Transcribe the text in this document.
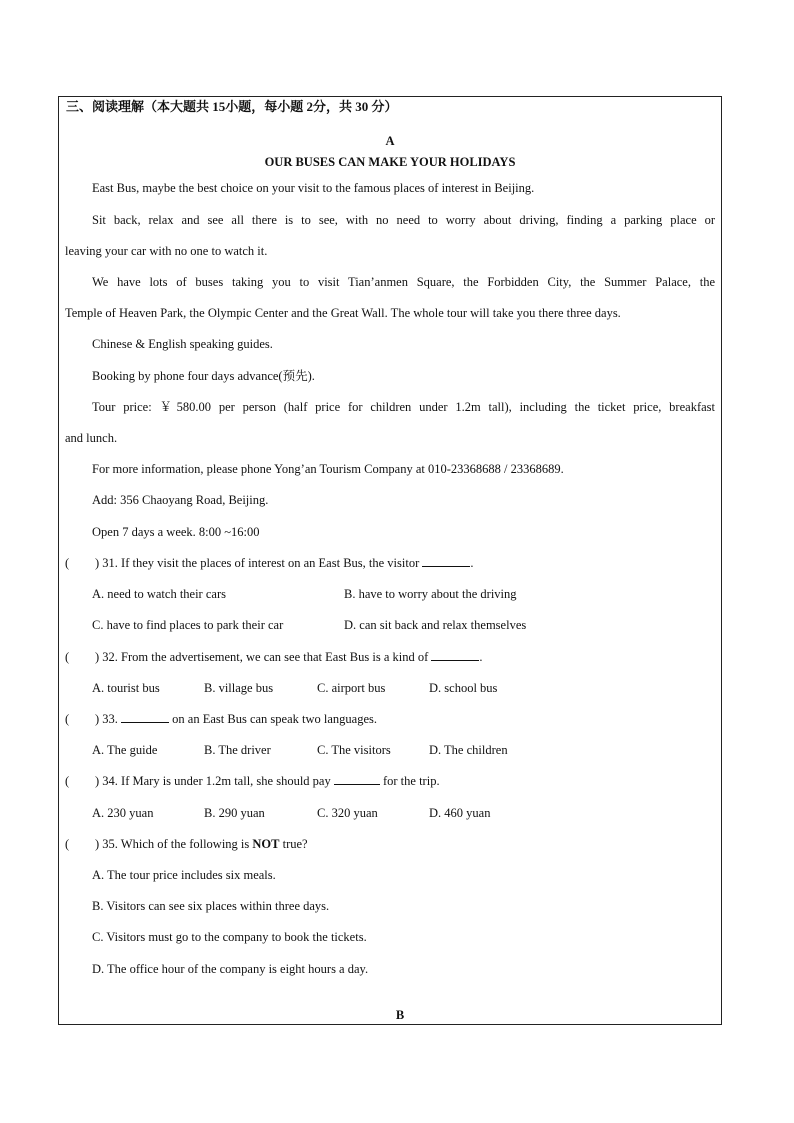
三、阅读理解（本大题共 15小题，每小题 2分，共 30 分）
A
OUR BUSES CAN MAKE YOUR HOLIDAYS
East Bus, maybe the best choice on your visit to the famous places of interest in Beijing.
Sit back, relax and see all there is to see, with no need to worry about driving, finding a parking place or
leaving your car with no one to watch it.
We have lots of buses taking you to visit Tian’anmen Square, the Forbidden City, the Summer Palace, the
Temple of Heaven Park, the Olympic Center and the Great Wall. The whole tour will take you there three days.
Chinese & English speaking guides.
Booking by phone four days advance(预先).
Tour price: ￥580.00 per person (half price for children under 1.2m tall), including the ticket price, breakfast
and lunch.
For more information, please phone Yong’an Tourism Company at 010-23368688 / 23368689.
Add: 356 Chaoyang Road, Beijing.
Open 7 days a week. 8:00 ~16:00
( ) 31. If they visit the places of interest on an East Bus, the visitor	.
A. need to watch their cars	B. have to worry about the driving
C. have to find places to park their car	D. can sit back and relax themselves
( ) 32. From the advertisement, we can see that East Bus is a kind of	.
A. tourist bus	B. village bus	C. airport bus	D. school bus
( ) 33.	on an East Bus can speak two languages.
A. The guide	B. The driver	C. The visitors	D. The children
( ) 34. If Mary is under 1.2m tall, she should pay	for the trip.
A. 230 yuan	B. 290 yuan	C. 320 yuan	D. 460 yuan
( ) 35. Which of the following is NOT true?
A. The tour price includes six meals.
B. Visitors can see six places within three days.
C. Visitors must go to the company to book the tickets.
D. The office hour of the company is eight hours a day.
B
